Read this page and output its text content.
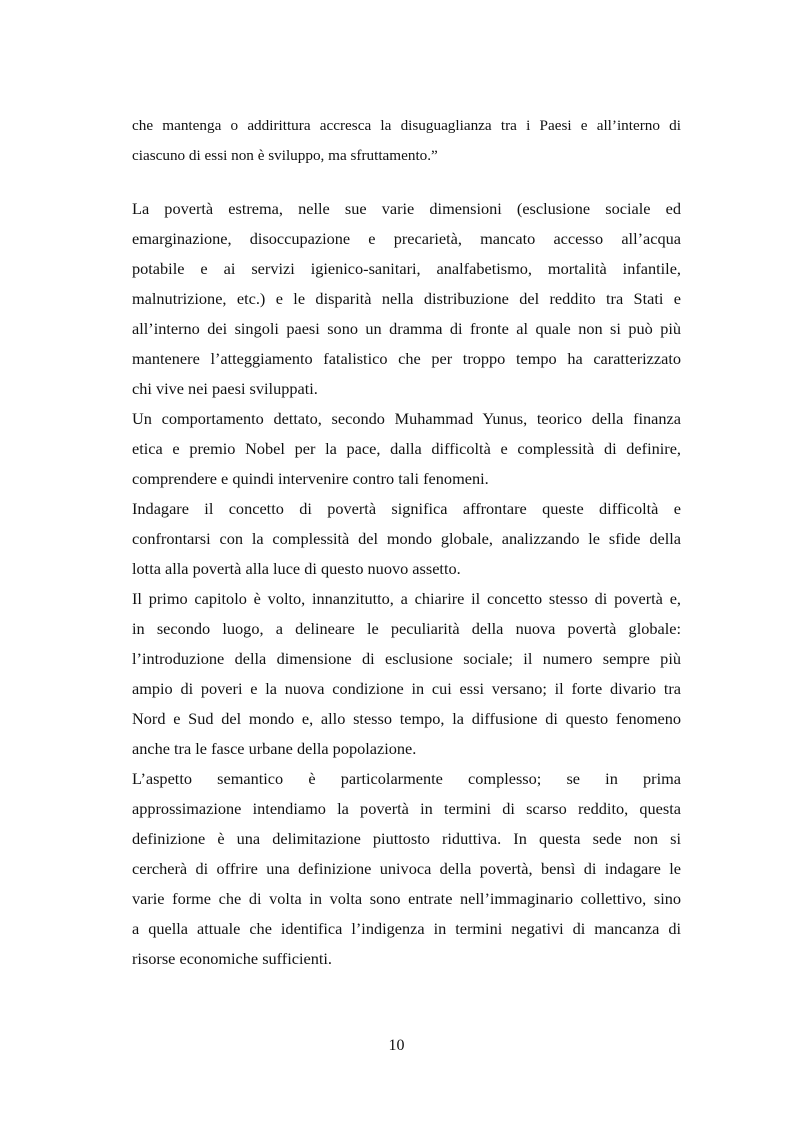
che mantenga o addirittura accresca la disuguaglianza tra i Paesi e all’interno di
ciascuno di essi non è sviluppo, ma sfruttamento.”
La povertà estrema, nelle sue varie dimensioni (esclusione sociale ed
emarginazione, disoccupazione e precarietà, mancato accesso all’acqua
potabile e ai servizi igienico-sanitari, analfabetismo, mortalità infantile,
malnutrizione, etc.) e le disparità nella distribuzione del reddito tra Stati e
all’interno dei singoli paesi sono un dramma di fronte al quale non si può più
mantenere l’atteggiamento fatalistico che per troppo tempo ha caratterizzato
chi vive nei paesi sviluppati.
Un comportamento dettato, secondo Muhammad Yunus, teorico della finanza
etica e premio Nobel per la pace, dalla difficoltà e complessità di definire,
comprendere e quindi intervenire contro tali fenomeni.
Indagare il concetto di povertà significa affrontare queste difficoltà e
confrontarsi con la complessità del mondo globale, analizzando le sfide della
lotta alla povertà alla luce di questo nuovo assetto.
Il primo capitolo è volto, innanzitutto, a chiarire il concetto stesso di povertà e,
in secondo luogo, a delineare le peculiarità della nuova povertà globale:
l’introduzione della dimensione di esclusione sociale; il numero sempre più
ampio di poveri e la nuova condizione in cui essi versano; il forte divario tra
Nord e Sud del mondo e, allo stesso tempo, la diffusione di questo fenomeno
anche tra le fasce urbane della popolazione.
L’aspetto semantico è particolarmente complesso; se in prima
approssimazione intendiamo la povertà in termini di scarso reddito, questa
definizione è una delimitazione piuttosto riduttiva. In questa sede non si
cercherà di offrire una definizione univoca della povertà, bensì di indagare le
varie forme che di volta in volta sono entrate nell’immaginario collettivo, sino
a quella attuale che identifica l’indigenza in termini negativi di mancanza di
risorse economiche sufficienti.
10
